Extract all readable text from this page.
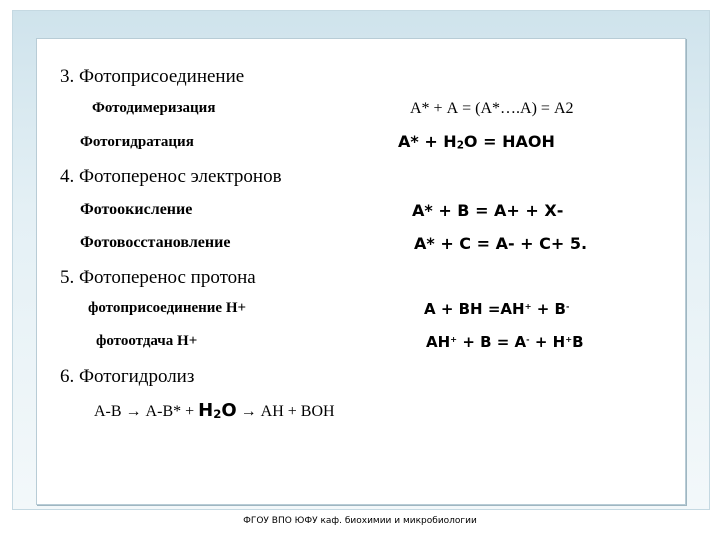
3. Фотоприсоединение
Фотодимеризация	А* + А = (А*….А) = А2
Фотогидратация	А* + Н2О = НАОН
4. Фотоперенос электронов
Фотоокисление	А* + В = А+ + Х-
Фотовосстановление	А* + С = А- + С+ 5.
5. Фотоперенос протона
фотоприсоединение Н+	А + ВН =АН+ + В-
фотоотдача Н+	АН+ + В = А- + Н+В
6. Фотогидролиз
А-В → А-В* + Н2О → АН + ВОН
ФГОУ ВПО ЮФУ каф. биохимии и микробиологии
